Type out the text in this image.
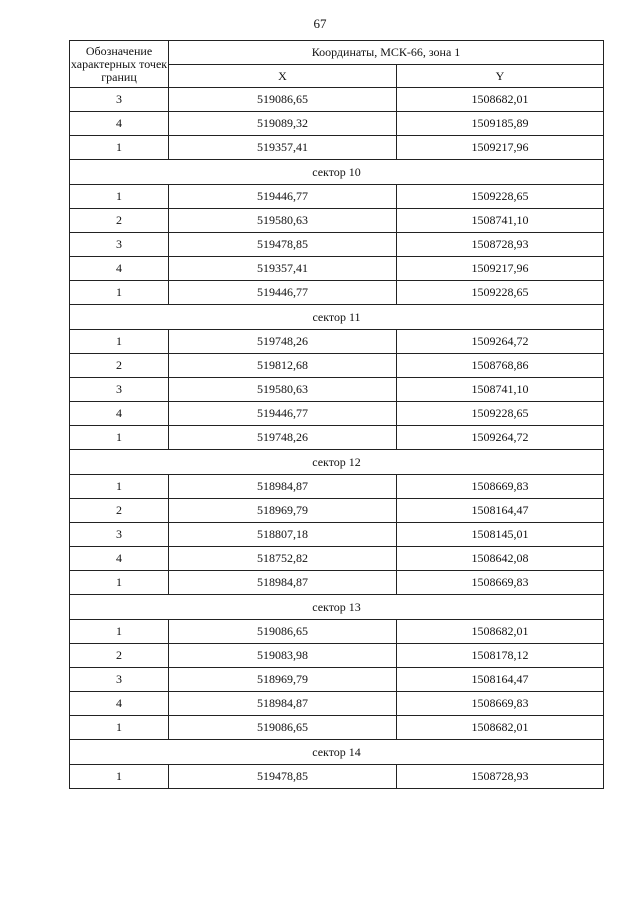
67
Обозначение характерных точек границ	Координаты, МСК-66, зона 1	
	X	Y
3	519086,65	1508682,01
4	519089,32	1509185,89
1	519357,41	1509217,96
сектор 10		
1	519446,77	1509228,65
2	519580,63	1508741,10
3	519478,85	1508728,93
4	519357,41	1509217,96
1	519446,77	1509228,65
сектор 11		
1	519748,26	1509264,72
2	519812,68	1508768,86
3	519580,63	1508741,10
4	519446,77	1509228,65
1	519748,26	1509264,72
сектор 12		
1	518984,87	1508669,83
2	518969,79	1508164,47
3	518807,18	1508145,01
4	518752,82	1508642,08
1	518984,87	1508669,83
сектор 13		
1	519086,65	1508682,01
2	519083,98	1508178,12
3	518969,79	1508164,47
4	518984,87	1508669,83
1	519086,65	1508682,01
сектор 14		
1	519478,85	1508728,93
